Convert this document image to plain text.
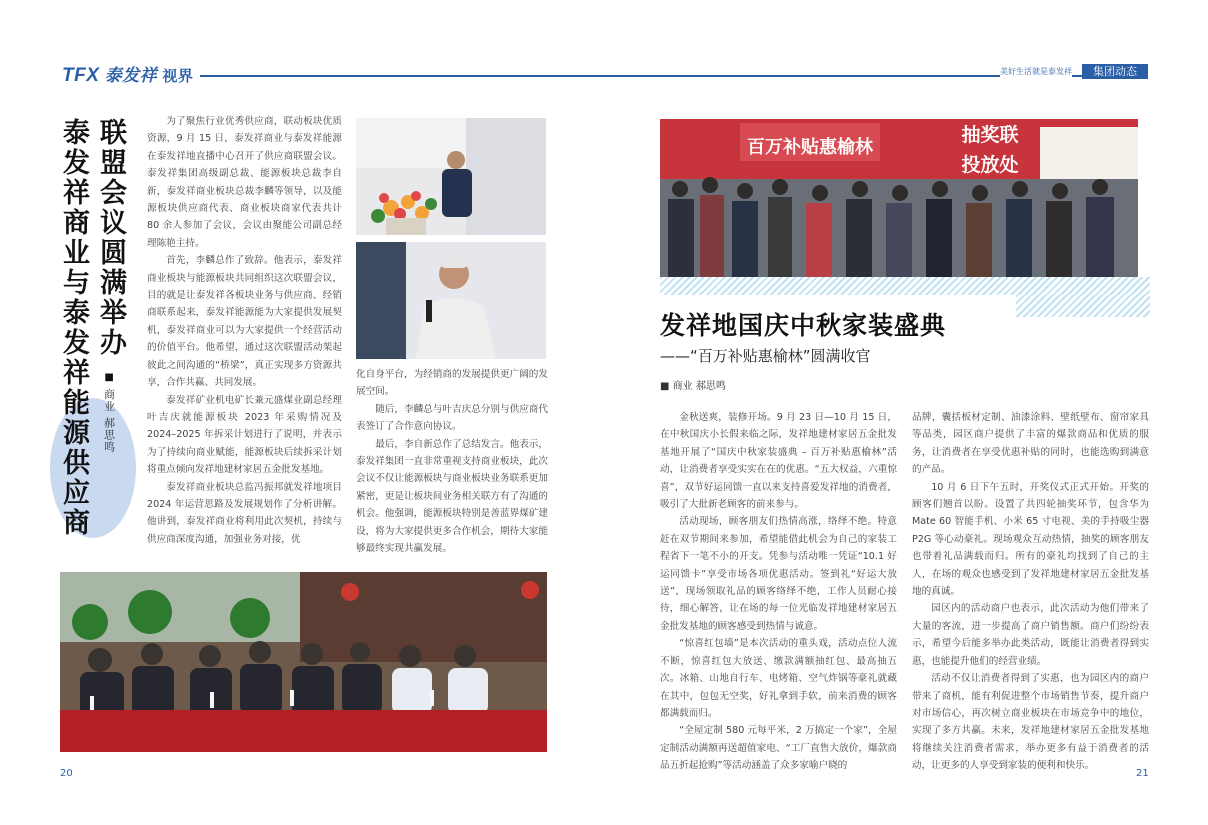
TFX 泰发祥 视界	美好生活就是泰发祥	集团动态
联盟会议圆满举办
泰发祥商业与泰发祥能源供应商 ■ 商业 郝思鸣

为了聚焦行业优秀供应商，联动板块优质资源，9 月 15 日，泰发祥商业与泰发祥能源在泰发祥地直播中心召开了供应商联盟会议。泰发祥集团高级副总裁、能源板块总裁李自新，泰发祥商业板块总裁李麟等领导，以及能源板块供应商代表、商业板块商家代表共计 80 余人参加了会议，会议由聚能公司副总经理陈艳主持。

首先，李麟总作了致辞。他表示，泰发祥商业板块与能源板块共同组织这次联盟会议，目的就是让泰发祥各板块业务与供应商、经销商联系起来，泰发祥能源能为大家提供发展契机，泰发祥商业可以为大家提供一个经营活动的价值平台。他希望，通过这次联盟活动架起彼此之间沟通的“桥梁”，真正实现多方资源共享，合作共赢、共同发展。

泰发祥矿业机电矿长兼元盛煤业副总经理叶吉庆就能源板块 2023 年采购情况及 2024–2025 年拆采计划进行了说明，并表示为了持续向商业赋能，能源板块后续拆采计划将重点倾向发祥地建材家居五金批发基地。

泰发祥商业板块总监冯振邦就发祥地项目 2024 年运营思路及发展规划作了分析讲解。他讲到，泰发祥商业将利用此次契机，持续与供应商深度沟通，加强业务对接，优

化自身平台，为经销商的发展提供更广阔的发展空间。

随后，李麟总与叶吉庆总分别与供应商代表签订了合作意向协议。

最后，李自新总作了总结发言。他表示，泰发祥集团一直非常重视支持商业板块，此次会议不仅让能源板块与商业板块业务联系更加紧密，更是让板块间业务相关联方有了沟通的机会。他强调，能源板块特别是善蓝界煤矿建设，将为大家提供更多合作机会，期待大家能够最终实现共赢发展。

20
百万补贴惠榆林
抽奖联
投放处
发祥地国庆中秋家装盛典
——“百万补贴惠榆林”圆满收官
■ 商业 郝思鸣

金秋送爽，装修开场。9 月 23 日—10 月 15 日，在中秋国庆小长假来临之际，发祥地建材家居五金批发基地开展了“国庆中秋家装盛典 – 百万补贴惠榆林”活动，让消费者享受实实在在的优惠。“五大权益，六重惊喜”，双节好运同馈一直以来支持喜爱发祥地的消费者，吸引了大批新老顾客的前来参与。

活动现场，顾客朋友们热情高涨，络绎不绝。特意赶在双节期间来参加，希望能借此机会为自己的家装工程省下一笔不小的开支。凭参与活动唯一凭证“10.1 好运同馈卡”享受市场各项优惠活动。签到礼“好运大放送”，现场领取礼品的顾客络绎不绝，工作人员耐心接待，细心解答，让在场的每一位光临发祥地建材家居五金批发基地的顾客感受到热情与诚意。

“惊喜红包墙”是本次活动的重头戏，活动点位人流不断，惊喜红包大放送、缴款满额抽红包、最高抽五次。冰箱、山地自行车、电烤箱、空气炸锅等豪礼就藏在其中，包包无空奖，好礼拿到手软，前来消费的顾客都满载而归。

“全屋定制 580 元每平米，2 万搞定一个家”，全屋定制活动满额再送超值家电、“工厂直售大放价，爆款商品五折起抢购”等活动涵盖了众多家喻户晓的

品牌，囊括板材定制、油漆涂料、壁纸壁布、窗帘家具等品类，园区商户提供了丰富的爆款商品和优质的服务，让消费者在享受优惠补贴的同时，也能选购到满意的产品。

10 月 6 日下午五时，开奖仪式正式开始。开奖的顾客们翘首以盼。设置了共四轮抽奖环节，包含华为 Mate 60 智能手机、小米 65 寸电视、美的手持吸尘器 P2G 等心动豪礼。现场观众互动热情，抽奖的顾客朋友也带着礼品满载而归。所有的豪礼均找到了自己的主人，在场的观众也感受到了发祥地建材家居五金批发基地的真诚。

园区内的活动商户也表示，此次活动为他们带来了大量的客流，进一步提高了商户销售额。商户们纷纷表示，希望今后能多举办此类活动，既能让消费者得到实惠，也能提升他们的经营业绩。

活动不仅让消费者得到了实惠，也为园区内的商户带来了商机，能有利促进整个市场销售节奏，提升商户对市场信心，再次树立商业板块在市场竞争中的地位，实现了多方共赢。未来，发祥地建材家居五金批发基地将继续关注消费者需求，举办更多有益于消费者的活动，让更多的人享受到家装的便利和快乐。

21
